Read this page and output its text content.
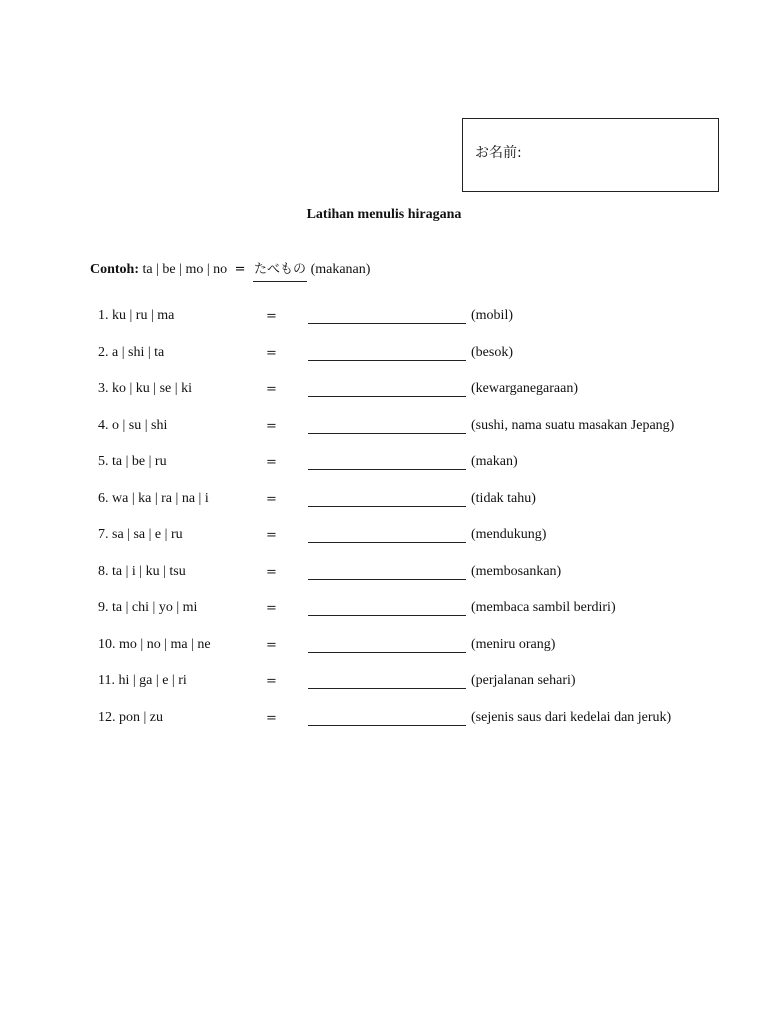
お名前:
Latihan menulis hiragana
Contoh: ta | be | mo | no = たべもの (makanan)
1. ku | ru | ma	=	(mobil)
2. a | shi | ta	=	(besok)
3. ko | ku | se | ki	=	(kewarganegaraan)
4. o | su | shi	=	(sushi, nama suatu masakan Jepang)
5. ta | be | ru	=	(makan)
6. wa | ka | ra | na | i	=	(tidak tahu)
7. sa | sa | e | ru	=	(mendukung)
8. ta | i | ku | tsu	=	(membosankan)
9. ta | chi | yo | mi	=	(membaca sambil berdiri)
10. mo | no | ma | ne	=	(meniru orang)
11. hi | ga | e | ri	=	(perjalanan sehari)
12. pon | zu	=	(sejenis saus dari kedelai dan jeruk)
